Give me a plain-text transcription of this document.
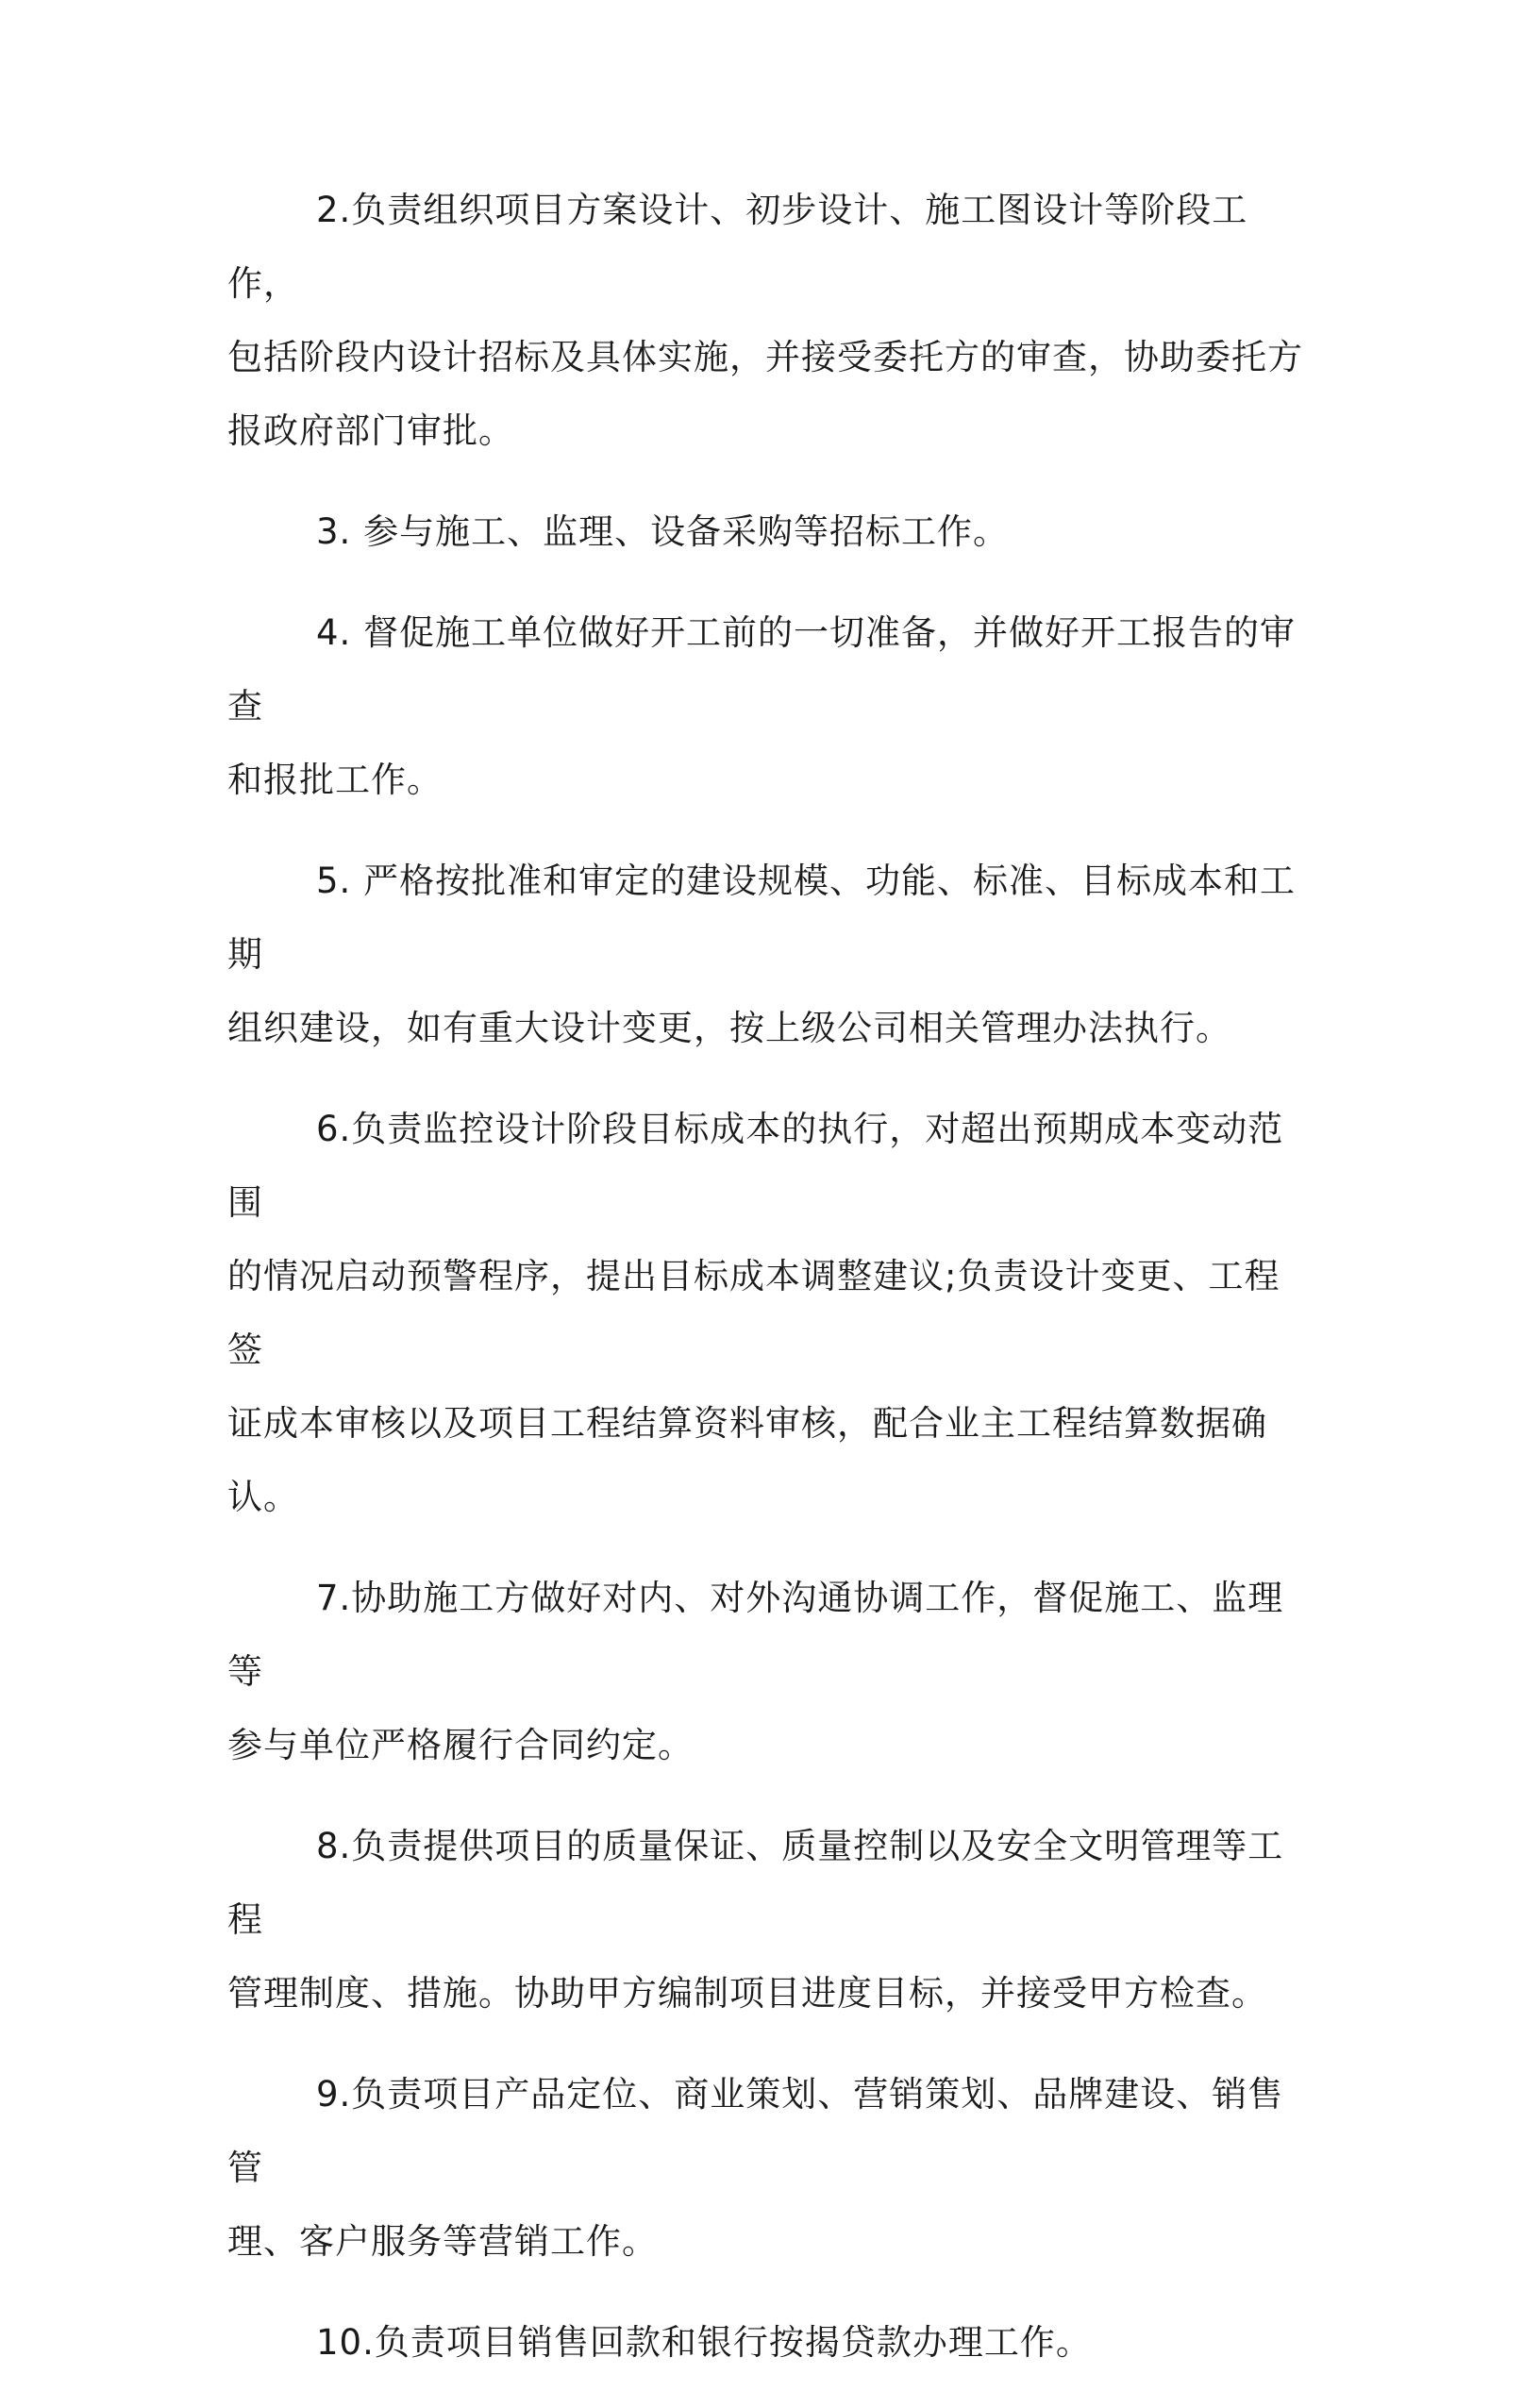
2.负责组织项目方案设计、初步设计、施工图设计等阶段工作，
包括阶段内设计招标及具体实施，并接受委托方的审查，协助委托方
报政府部门审批。

3. 参与施工、监理、设备采购等招标工作。

4. 督促施工单位做好开工前的一切准备，并做好开工报告的审查
和报批工作。

5. 严格按批准和审定的建设规模、功能、标准、目标成本和工期
组织建设，如有重大设计变更，按上级公司相关管理办法执行。

6.负责监控设计阶段目标成本的执行，对超出预期成本变动范围
的情况启动预警程序，提出目标成本调整建议;负责设计变更、工程签
证成本审核以及项目工程结算资料审核，配合业主工程结算数据确认。

7.协助施工方做好对内、对外沟通协调工作，督促施工、监理等
参与单位严格履行合同约定。

8.负责提供项目的质量保证、质量控制以及安全文明管理等工程
管理制度、措施。协助甲方编制项目进度目标，并接受甲方检查。

9.负责项目产品定位、商业策划、营销策划、品牌建设、销售管
理、客户服务等营销工作。

10.负责项目销售回款和银行按揭贷款办理工作。
